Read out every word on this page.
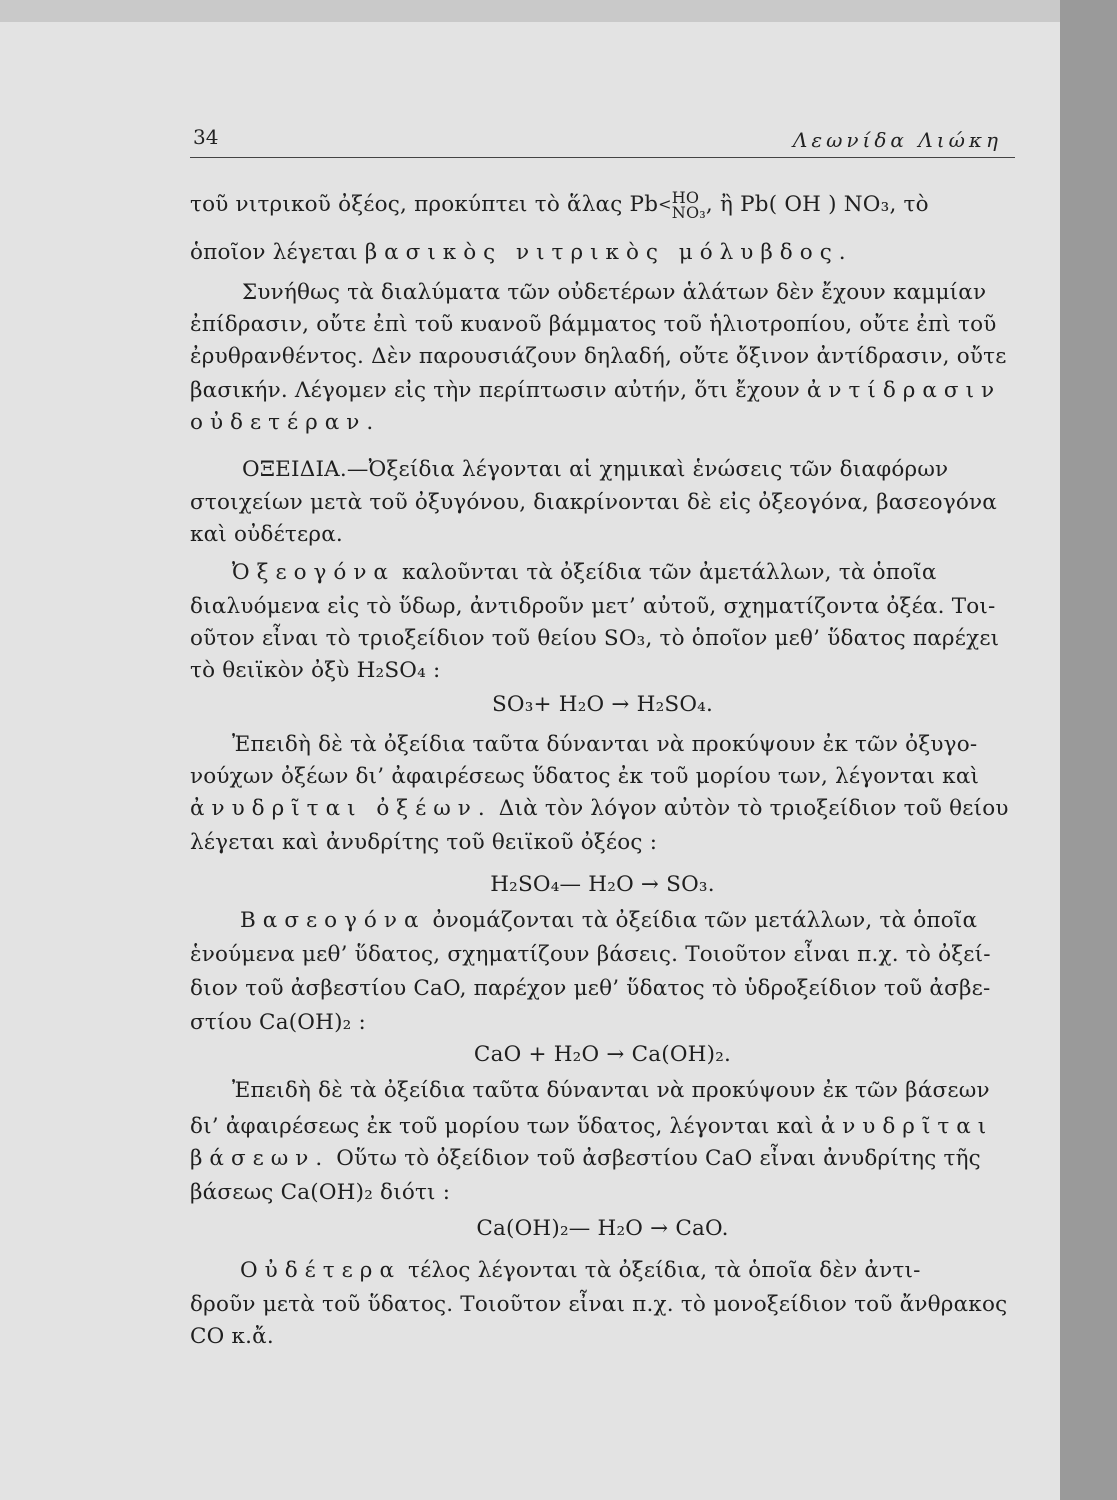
34	Λεωνίδα Λιώκη
τοῦ νιτρικοῦ ὀξέος, προκύπτει τὸ ἅλας Pb<HO
NO₃, ἢ Pb( OH ) NO₃, τὸ
ὁποῖον λέγεται βασικὸς νιτρικὸς μόλυβδος.
Συνήθως τὰ διαλύματα τῶν οὐδετέρων ἁλάτων δὲν ἔχουν καμμίαν
ἐπίδρασιν, οὔτε ἐπὶ τοῦ κυανοῦ βάμματος τοῦ ἡλιοτροπίου, οὔτε ἐπὶ τοῦ
ἐρυθρανθέντος. Δὲν παρουσιάζουν δηλαδή, οὔτε ὄξινον ἀντίδρασιν, οὔτε
βασικήν. Λέγομεν εἰς τὴν περίπτωσιν αὐτήν, ὅτι ἔχουν ἀντίδρασιν
οὐδετέραν.
ΟΞΕΙΔΙΑ.—Ὀξείδια λέγονται αἱ χημικαὶ ἑνώσεις τῶν διαφόρων
στοιχείων μετὰ τοῦ ὀξυγόνου, διακρίνονται δὲ εἰς ὀξεογόνα, βασεογόνα
καὶ οὐδέτερα.
Ὀξεογόνα καλοῦνται τὰ ὀξείδια τῶν ἀμετάλλων, τὰ ὁποῖα
διαλυόμενα εἰς τὸ ὕδωρ, ἀντιδροῦν μετ’ αὐτοῦ, σχηματίζοντα ὀξέα. Τοι-
οῦτον εἶναι τὸ τριοξείδιον τοῦ θείου SO₃, τὸ ὁποῖον μεθ’ ὕδατος παρέχει
τὸ θειϊκὸν ὀξὺ H₂SO₄ :
SO₃+ H₂O → H₂SO₄.
Ἐπειδὴ δὲ τὰ ὀξείδια ταῦτα δύνανται νὰ προκύψουν ἐκ τῶν ὀξυγο-
νούχων ὀξέων δι’ ἀφαιρέσεως ὕδατος ἐκ τοῦ μορίου των, λέγονται καὶ
ἀνυδρῖται ὀξέων. Διὰ τὸν λόγον αὐτὸν τὸ τριοξείδιον τοῦ θείου
λέγεται καὶ ἀνυδρίτης τοῦ θειϊκοῦ ὀξέος :
H₂SO₄— H₂O → SO₃.
Βασεογόνα ὀνομάζονται τὰ ὀξείδια τῶν μετάλλων, τὰ ὁποῖα
ἑνούμενα μεθ’ ὕδατος, σχηματίζουν βάσεις. Τοιοῦτον εἶναι π.χ. τὸ ὀξεί-
διον τοῦ ἀσβεστίου CaO, παρέχον μεθ’ ὕδατος τὸ ὑδροξείδιον τοῦ ἀσβε-
στίου Ca(OH)₂ :
CaO + H₂O → Ca(OH)₂.
Ἐπειδὴ δὲ τὰ ὀξείδια ταῦτα δύνανται νὰ προκύψουν ἐκ τῶν βάσεων
δι’ ἀφαιρέσεως ἐκ τοῦ μορίου των ὕδατος, λέγονται καὶ ἀνυδρῖται
βάσεων. Οὕτω τὸ ὀξείδιον τοῦ ἀσβεστίου CaO εἶναι ἀνυδρίτης τῆς
βάσεως Ca(OH)₂ διότι :
Ca(OH)₂— H₂O → CaO.
Οὐδέτερα τέλος λέγονται τὰ ὀξείδια, τὰ ὁποῖα δὲν ἀντι-
δροῦν μετὰ τοῦ ὕδατος. Τοιοῦτον εἶναι π.χ. τὸ μονοξείδιον τοῦ ἄνθρακος
CO κ.ἄ.
